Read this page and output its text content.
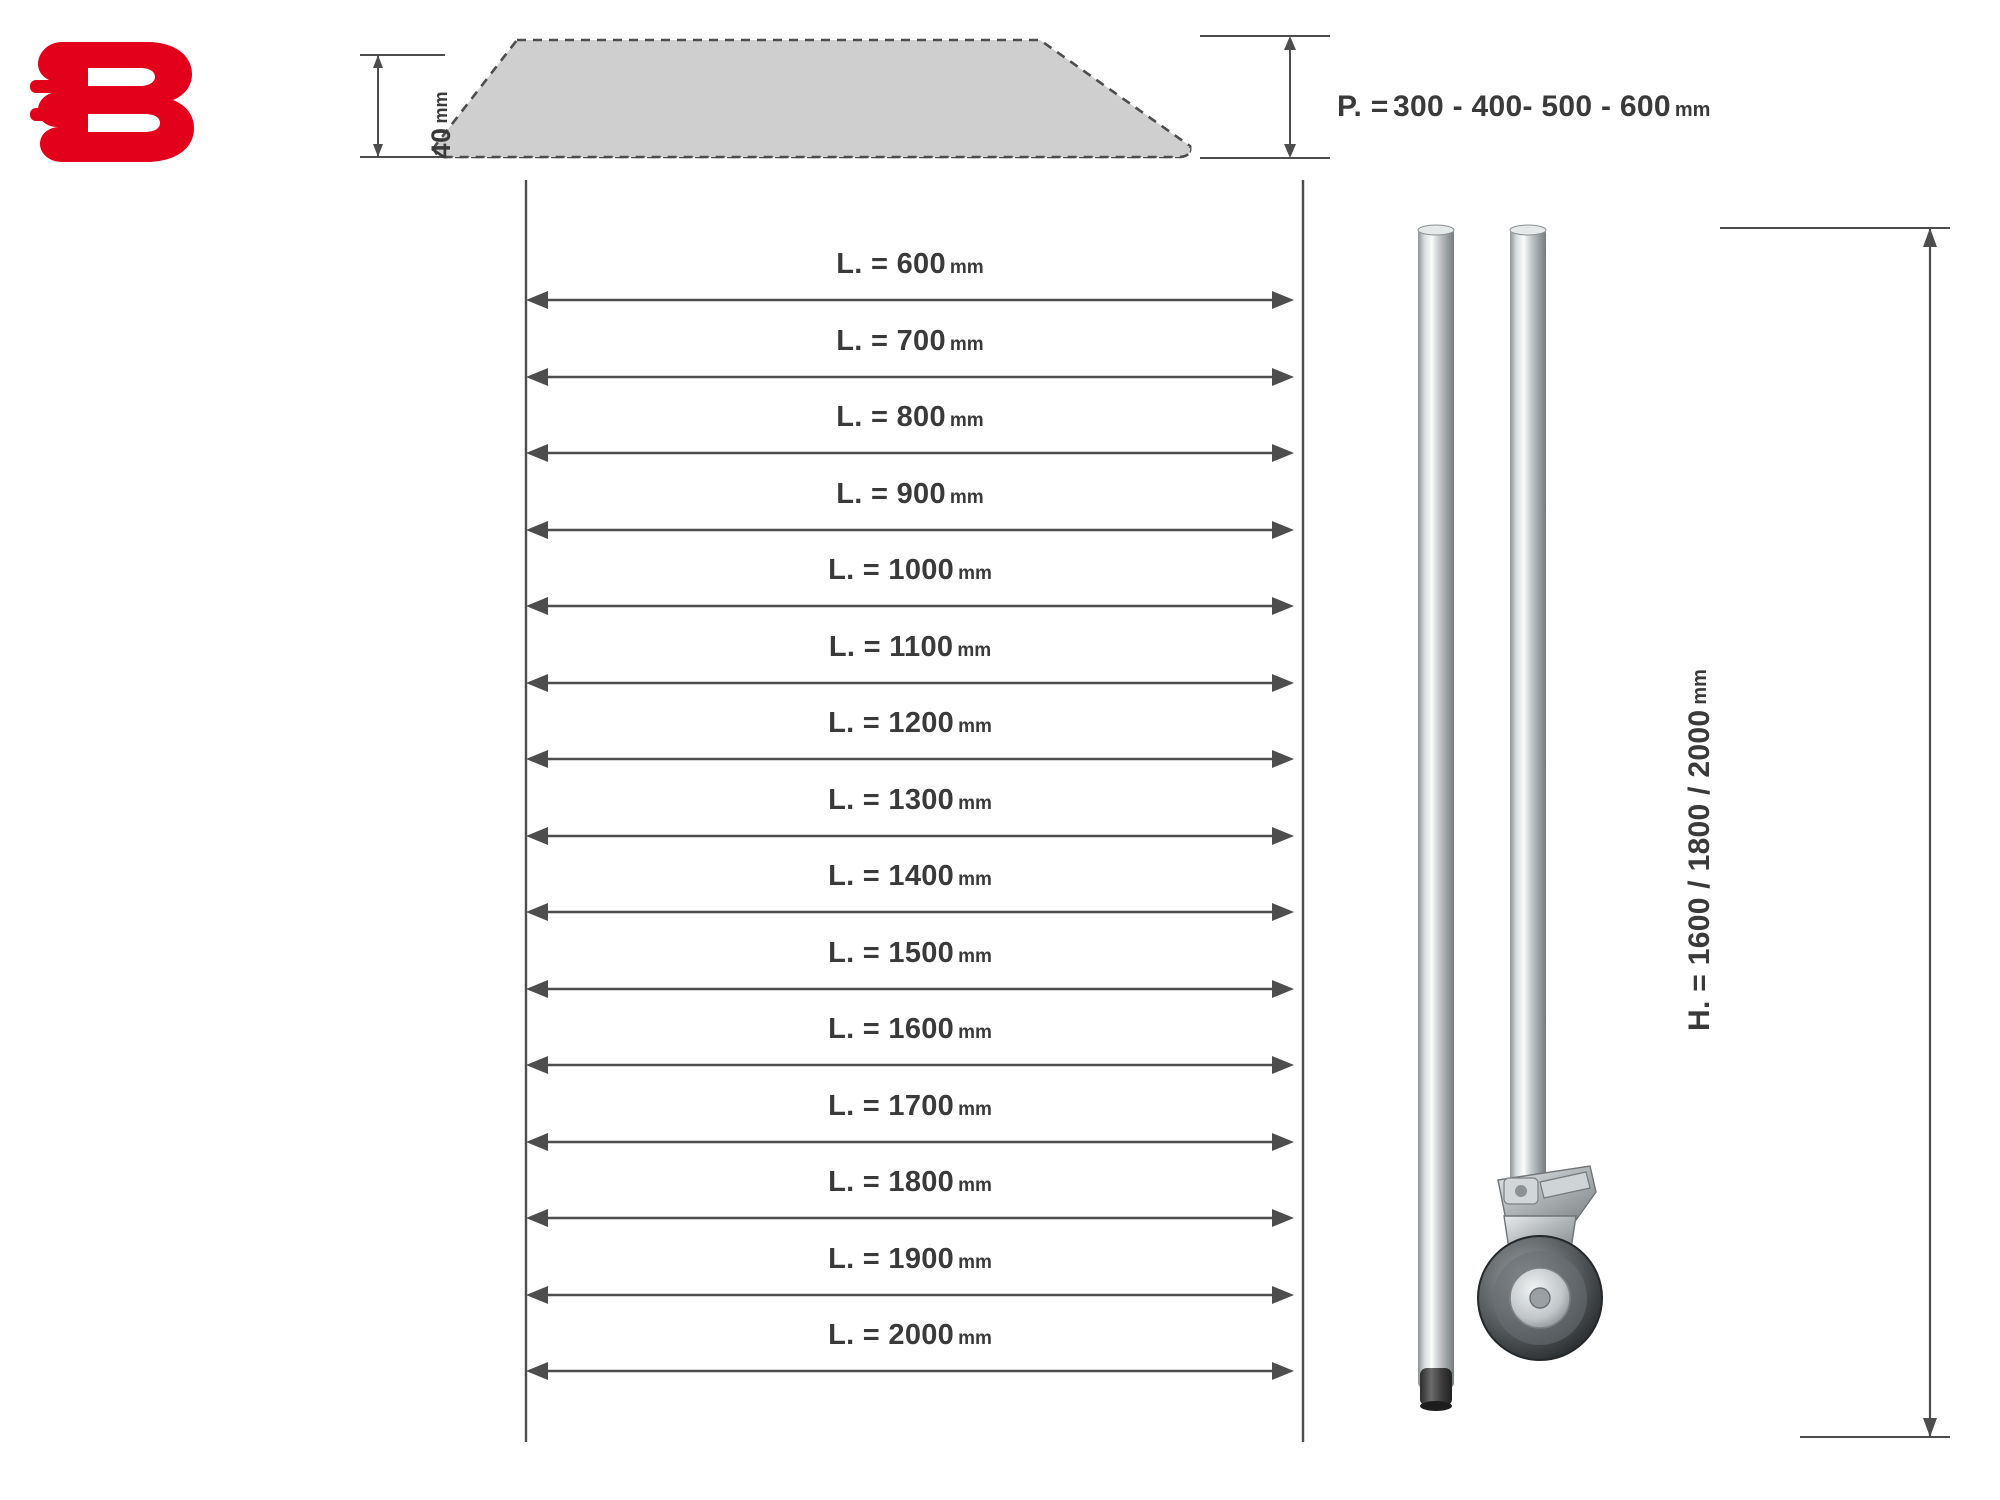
40
mm	P. = 300 - 400- 500 - 600 mm
L. = 600 mm
L. = 700 mm
L. = 800 mm
L. = 900 mm
L. = 1000 mm
L. = 1100 mm
L. = 1200 mm
L. = 1300 mm
L. = 1400 mm
L. = 1500 mm
L. = 1600 mm
L. = 1700 mm
L. = 1800 mm
L. = 1900 mm
L. = 2000 mm
H. = 1600 / 1800 / 2000
mm
